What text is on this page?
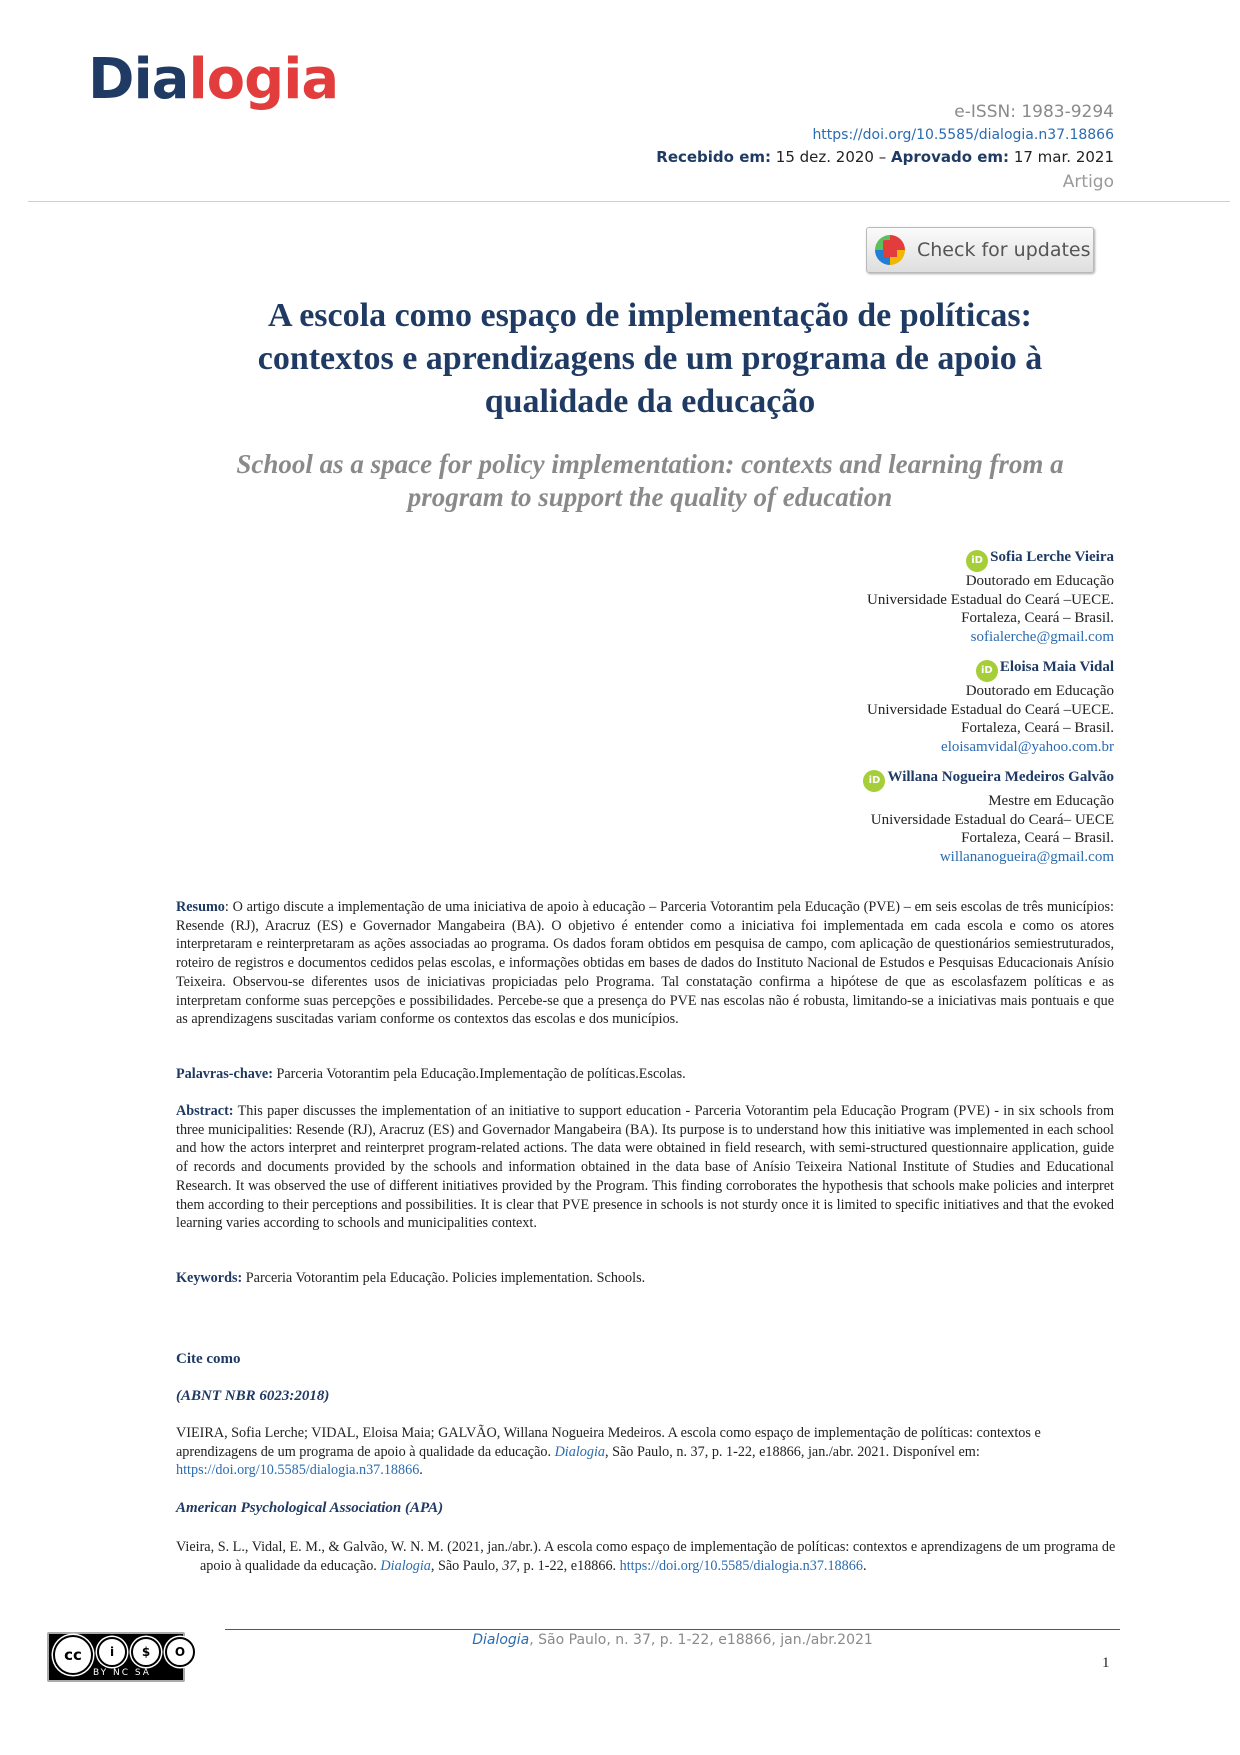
Dialogia	e-ISSN: 1983-9294
https://doi.org/10.5585/dialogia.n37.18866
Recebido em: 15 dez. 2020 – Aprovado em: 17 mar. 2021
Artigo
Check for updates
A escola como espaço de implementação de políticas:
contextos e aprendizagens de um programa de apoio à
qualidade da educação
School as a space for policy implementation: contexts and learning from a
program to support the quality of education
iD Sofia Lerche Vieira
Doutorado em Educação
Universidade Estadual do Ceará –UECE.
Fortaleza, Ceará – Brasil.
sofialerche@gmail.com
iD Eloisa Maia Vidal
Doutorado em Educação
Universidade Estadual do Ceará –UECE.
Fortaleza, Ceará – Brasil.
eloisamvidal@yahoo.com.br
iD Willana Nogueira Medeiros Galvão
Mestre em Educação
Universidade Estadual do Ceará– UECE
Fortaleza, Ceará – Brasil.
willananogueira@gmail.com
Resumo: O artigo discute a implementação de uma iniciativa de apoio à educação – Parceria Votorantim pela Educação (PVE) – em seis escolas de três municípios: Resende (RJ), Aracruz (ES) e Governador Mangabeira (BA). O objetivo é entender como a iniciativa foi implementada em cada escola e como os atores interpretaram e reinterpretaram as ações associadas ao programa. Os dados foram obtidos em pesquisa de campo, com aplicação de questionários semiestruturados, roteiro de registros e documentos cedidos pelas escolas, e informações obtidas em bases de dados do Instituto Nacional de Estudos e Pesquisas Educacionais Anísio Teixeira. Observou-se diferentes usos de iniciativas propiciadas pelo Programa. Tal constatação confirma a hipótese de que as escolasfazem políticas e as interpretam conforme suas percepções e possibilidades. Percebe-se que a presença do PVE nas escolas não é robusta, limitando-se a iniciativas mais pontuais e que as aprendizagens suscitadas variam conforme os contextos das escolas e dos municípios.
Palavras-chave: Parceria Votorantim pela Educação.Implementação de políticas.Escolas.
Abstract: This paper discusses the implementation of an initiative to support education - Parceria Votorantim pela Educação Program (PVE) - in six schools from three municipalities: Resende (RJ), Aracruz (ES) and Governador Mangabeira (BA). Its purpose is to understand how this initiative was implemented in each school and how the actors interpret and reinterpret program-related actions. The data were obtained in field research, with semi-structured questionnaire application, guide of records and documents provided by the schools and information obtained in the data base of Anísio Teixeira National Institute of Studies and Educational Research. It was observed the use of different initiatives provided by the Program. This finding corroborates the hypothesis that schools make policies and interpret them according to their perceptions and possibilities. It is clear that PVE presence in schools is not sturdy once it is limited to specific initiatives and that the evoked learning varies according to schools and municipalities context.
Keywords: Parceria Votorantim pela Educação. Policies implementation. Schools.
Cite como
(ABNT NBR 6023:2018)
VIEIRA, Sofia Lerche; VIDAL, Eloisa Maia; GALVÃO, Willana Nogueira Medeiros. A escola como espaço de implementação de políticas: contextos e aprendizagens de um programa de apoio à qualidade da educação. Dialogia, São Paulo, n. 37, p. 1-22, e18866, jan./abr. 2021. Disponível em: https://doi.org/10.5585/dialogia.n37.18866.
American Psychological Association (APA)
Vieira, S. L., Vidal, E. M., & Galvão, W. N. M. (2021, jan./abr.). A escola como espaço de implementação de políticas: contextos e aprendizagens de um programa de apoio à qualidade da educação. Dialogia, São Paulo, 37, p. 1-22, e18866. https://doi.org/10.5585/dialogia.n37.18866.
cc	i	$	O
BY NC SA
Dialogia, São Paulo, n. 37, p. 1-22, e18866, jan./abr.2021
1
